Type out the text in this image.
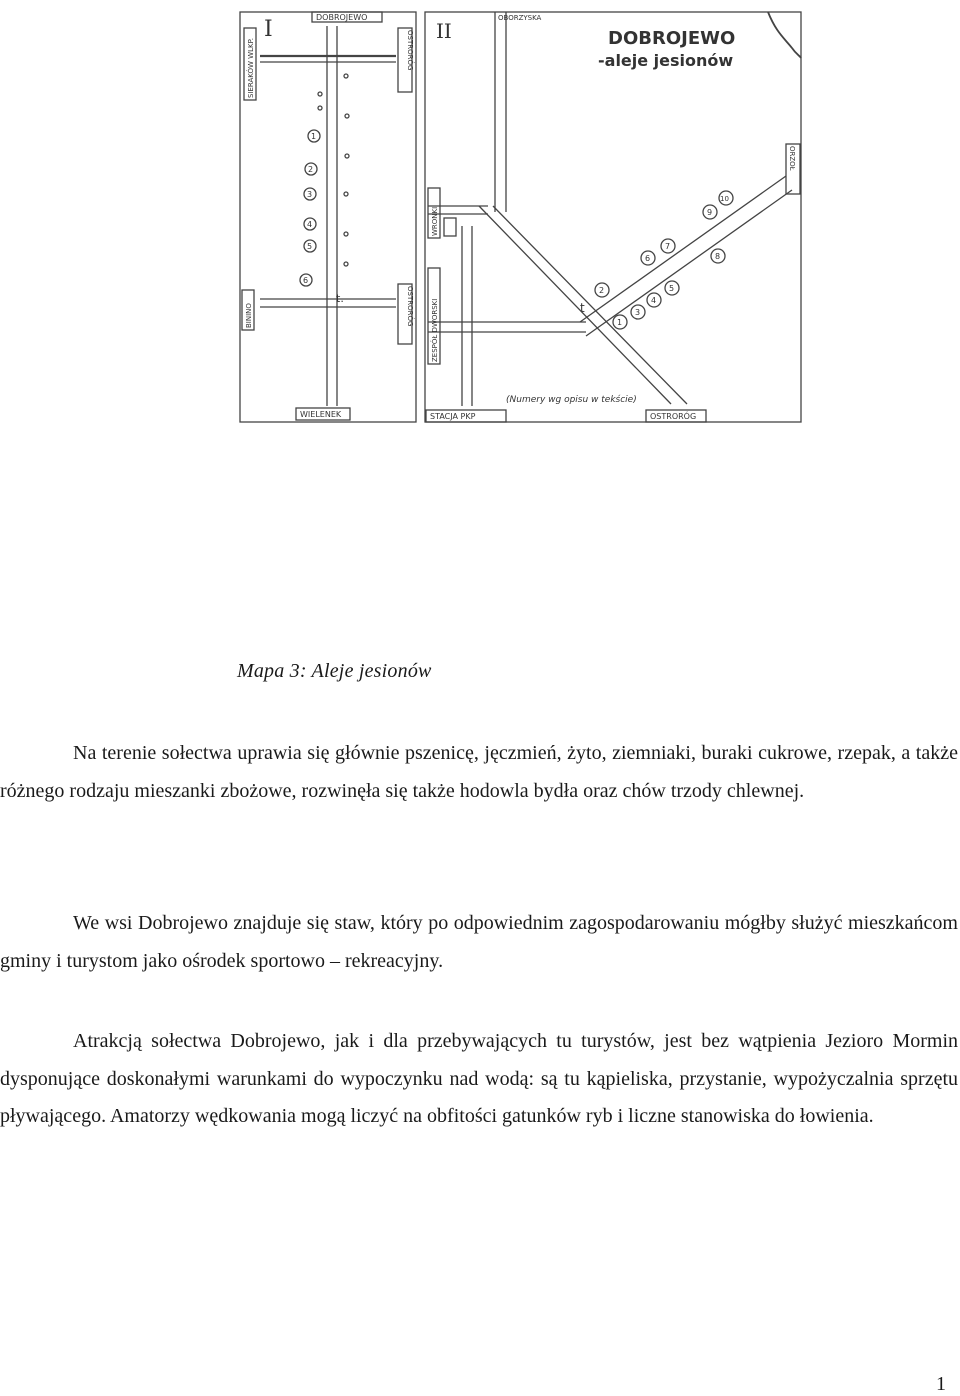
I	DOBROJEWO
SIERAKÓW WLKP.	OSTRORÓG
BININO	OSTRORÓG
WIELENEK
1
2
3
4
5
6
t.
II
OBORZYSKA
DOBROJEWO
-aleje jesionów
WRONKI
ZESPÓŁ DWORSKI
ORZOŁ
STACJA PKP	OSTRORÓG
(Numery wg opisu w tekście)
1
2
3
4
5
6
7
8
9
10
t

Mapa 3: Aleje jesionów

Na terenie sołectwa uprawia się głównie pszenicę, jęczmień, żyto, ziemniaki, buraki cukrowe, rzepak, a także różnego rodzaju mieszanki zbożowe, rozwinęła się także hodowla bydła oraz chów trzody chlewnej.

We wsi Dobrojewo znajduje się staw, który po odpowiednim zagospodarowaniu mógłby służyć mieszkańcom gminy i turystom jako ośrodek sportowo – rekreacyjny.

Atrakcją sołectwa Dobrojewo, jak i dla przebywających tu turystów, jest bez wątpienia Jezioro Mormin dysponujące doskonałymi warunkami do wypoczynku nad wodą: są tu kąpieliska, przystanie, wypożyczalnia sprzętu pływającego. Amatorzy wędkowania mogą liczyć na obfitości gatunków ryb i liczne stanowiska do łowienia.

1
